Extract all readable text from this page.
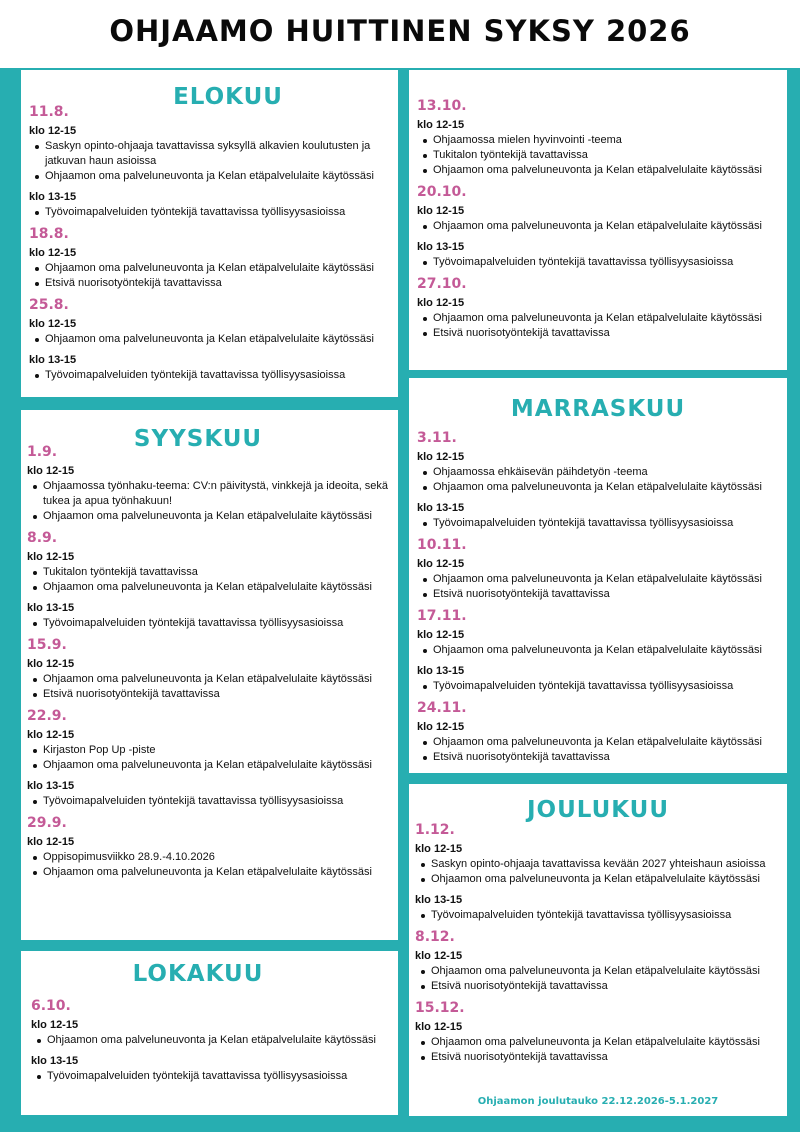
OHJAAMO HUITTINEN SYKSY 2026
ELOKUU
11.8.
klo 12-15
Saskyn opinto-ohjaaja tavattavissa syksyllä alkavien koulutusten ja jatkuvan haun asioissa
Ohjaamon oma palveluneuvonta ja Kelan etäpalvelulaite käytössäsi
klo 13-15
Työvoimapalveluiden työntekijä tavattavissa työllisyysasioissa
18.8.
klo 12-15
Ohjaamon oma palveluneuvonta ja Kelan etäpalvelulaite käytössäsi
Etsivä nuorisotyöntekijä tavattavissa
25.8.
klo 12-15
Ohjaamon oma palveluneuvonta ja Kelan etäpalvelulaite käytössäsi
klo 13-15
Työvoimapalveluiden työntekijä tavattavissa työllisyysasioissa
SYYSKUU
1.9.
klo 12-15
Ohjaamossa työnhaku-teema: CV:n päivitystä, vinkkejä ja ideoita, sekä tukea ja apua työnhakuun!
Ohjaamon oma palveluneuvonta ja Kelan etäpalvelulaite käytössäsi
8.9.
klo 12-15
Tukitalon työntekijä tavattavissa
Ohjaamon oma palveluneuvonta ja Kelan etäpalvelulaite käytössäsi
klo 13-15
Työvoimapalveluiden työntekijä tavattavissa työllisyysasioissa
15.9.
klo 12-15
Ohjaamon oma palveluneuvonta ja Kelan etäpalvelulaite käytössäsi
Etsivä nuorisotyöntekijä tavattavissa
22.9.
klo 12-15
Kirjaston Pop Up -piste
Ohjaamon oma palveluneuvonta ja Kelan etäpalvelulaite käytössäsi
klo 13-15
Työvoimapalveluiden työntekijä tavattavissa työllisyysasioissa
29.9.
klo 12-15
Oppisopimusviikko 28.9.-4.10.2026
Ohjaamon oma palveluneuvonta ja Kelan etäpalvelulaite käytössäsi
LOKAKUU
6.10.
klo 12-15
Ohjaamon oma palveluneuvonta ja Kelan etäpalvelulaite käytössäsi
klo 13-15
Työvoimapalveluiden työntekijä tavattavissa työllisyysasioissa
13.10.
klo 12-15
Ohjaamossa mielen hyvinvointi -teema
Tukitalon työntekijä tavattavissa
Ohjaamon oma palveluneuvonta ja Kelan etäpalvelulaite käytössäsi
20.10.
klo 12-15
Ohjaamon oma palveluneuvonta ja Kelan etäpalvelulaite käytössäsi
klo 13-15
Työvoimapalveluiden työntekijä tavattavissa työllisyysasioissa
27.10.
klo 12-15
Ohjaamon oma palveluneuvonta ja Kelan etäpalvelulaite käytössäsi
Etsivä nuorisotyöntekijä tavattavissa
MARRASKUU
3.11.
klo 12-15
Ohjaamossa ehkäisevän päihdetyön -teema
Ohjaamon oma palveluneuvonta ja Kelan etäpalvelulaite käytössäsi
klo 13-15
Työvoimapalveluiden työntekijä tavattavissa työllisyysasioissa
10.11.
klo 12-15
Ohjaamon oma palveluneuvonta ja Kelan etäpalvelulaite käytössäsi
Etsivä nuorisotyöntekijä tavattavissa
17.11.
klo 12-15
Ohjaamon oma palveluneuvonta ja Kelan etäpalvelulaite käytössäsi
klo 13-15
Työvoimapalveluiden työntekijä tavattavissa työllisyysasioissa
24.11.
klo 12-15
Ohjaamon oma palveluneuvonta ja Kelan etäpalvelulaite käytössäsi
Etsivä nuorisotyöntekijä tavattavissa
JOULUKUU
1.12.
klo 12-15
Saskyn opinto-ohjaaja tavattavissa kevään 2027 yhteishaun asioissa
Ohjaamon oma palveluneuvonta ja Kelan etäpalvelulaite käytössäsi
klo 13-15
Työvoimapalveluiden työntekijä tavattavissa työllisyysasioissa
8.12.
klo 12-15
Ohjaamon oma palveluneuvonta ja Kelan etäpalvelulaite käytössäsi
Etsivä nuorisotyöntekijä tavattavissa
15.12.
klo 12-15
Ohjaamon oma palveluneuvonta ja Kelan etäpalvelulaite käytössäsi
Etsivä nuorisotyöntekijä tavattavissa
Ohjaamon joulutauko 22.12.2026-5.1.2027
